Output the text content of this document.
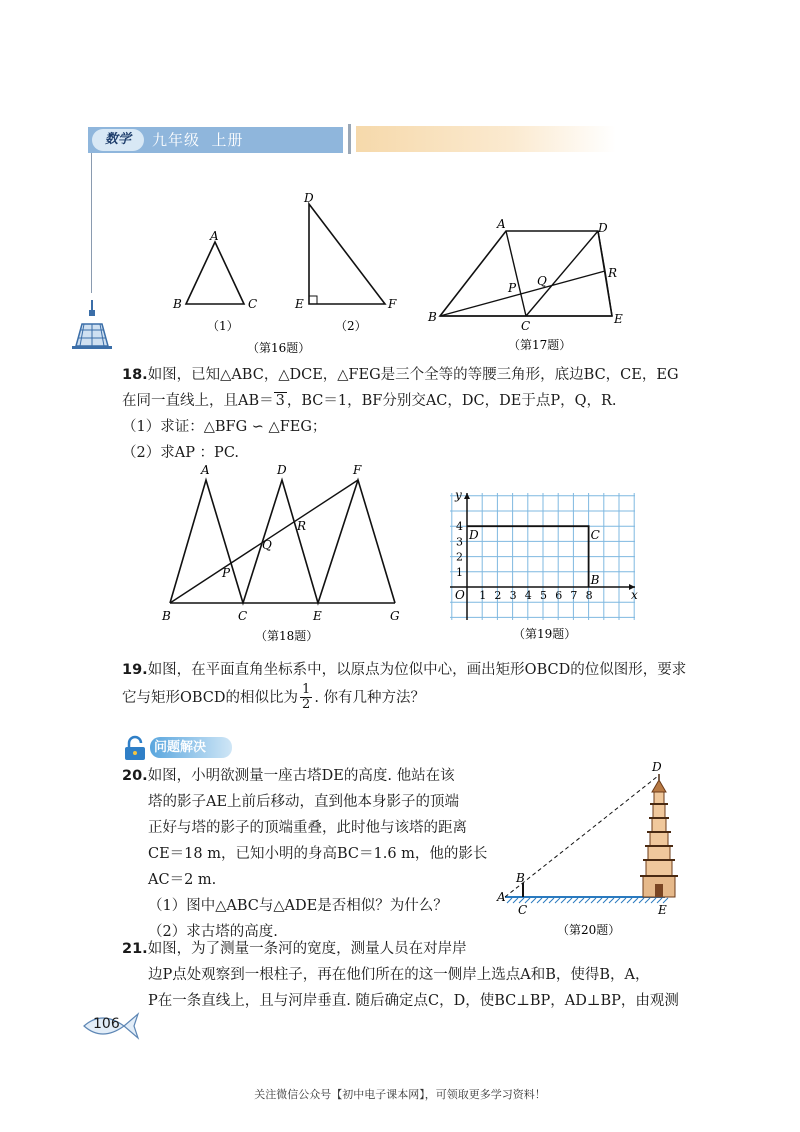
数学	九年级  上册
A
B	C
D
E	F
（1）	（2）
（第16题）
A	D
R
Q
P
B
C	E
（第17题）
18.如图，已知△ABC，△DCE，△FEG是三个全等的等腰三角形，底边BC，CE，EG
在同一直线上，且AB＝ 3 ，BC＝1，BF分别交AC，DC，DE于点P，Q，R.
（1）求证：△BFG ∽ △FEG；
（2）求AP ：PC.
A	D	F
R
Q
P
B	C	E	G
（第18题）
1 2 3 4 5 6 7 8
1
2
3
4
D	C
B
O	x
y
（第19题）
19.如图，在平面直角坐标系中，以原点为位似中心，画出矩形OBCD的位似图形，要求
它与矩形OBCD的相似比为 $\frac{1}{2}$ . 你有几种方法？
问题解决
20.如图，小明欲测量一座古塔DE的高度. 他站在该
塔的影子AE上前后移动，直到他本身影子的顶端
正好与塔的影子的顶端重叠，此时他与该塔的距离
CE＝18 m，已知小明的身高BC＝1.6 m，他的影长
AC＝2 m.
（1）图中△ABC与△ADE是否相似？为什么？
（2）求古塔的高度.
D
B
A
C	E
（第20题）
21.如图，为了测量一条河的宽度，测量人员在对岸岸
边P点处观察到一根柱子，再在他们所在的这一侧岸上选点A和B，使得B，A，
P在一条直线上，且与河岸垂直. 随后确定点C，D，使BC⊥BP，AD⊥BP，由观测
106
关注微信公众号【初中电子课本网】，可领取更多学习资料！
